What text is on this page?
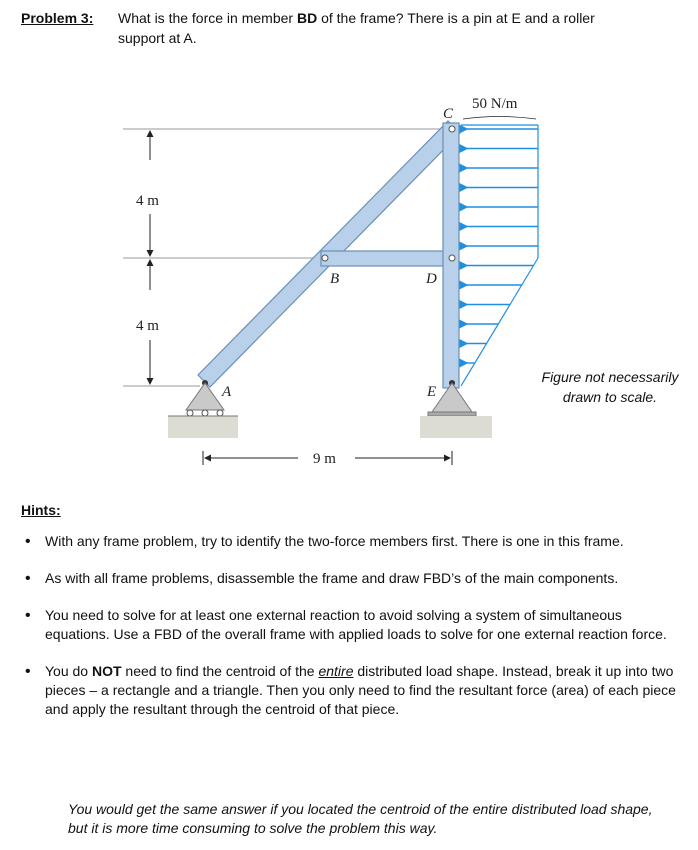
Problem 3: What is the force in member BD of the frame? There is a pin at E and a roller
support at A.
4 m
4 m
50 N/m
C
B	D
A	E
9 m
Figure not necessarily
drawn to scale.
Hints:
• With any frame problem, try to identify the two-force members first. There is one in this frame.
• As with all frame problems, disassemble the frame and draw FBD’s of the main components.
• You need to solve for at least one external reaction to avoid solving a system of simultaneous equations. Use a FBD of the overall frame with applied loads to solve for one external reaction force.
• You do NOT need to find the centroid of the entire distributed load shape. Instead, break it up into two pieces – a rectangle and a triangle. Then you only need to find the resultant force (area) of each piece and apply the resultant through the centroid of that piece.
You would get the same answer if you located the centroid of the entire distributed load shape, but it is more time consuming to solve the problem this way.
